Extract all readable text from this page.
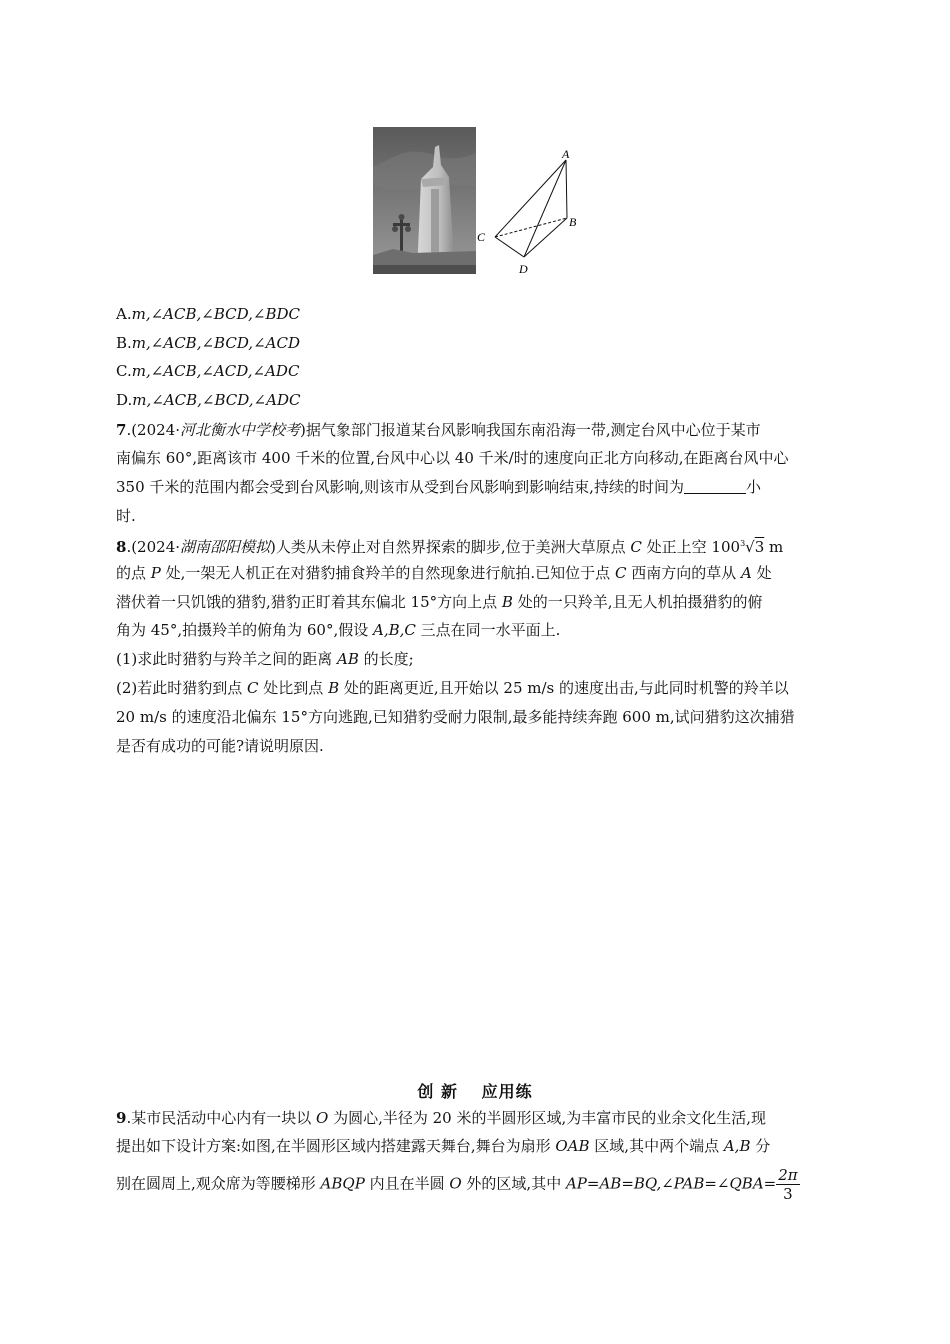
A
B
C
D
A.m,∠ACB,∠BCD,∠BDC
B.m,∠ACB,∠BCD,∠ACD
C.m,∠ACB,∠ACD,∠ADC
D.m,∠ACB,∠BCD,∠ADC
7.(2024·河北衡水中学校考)据气象部门报道某台风影响我国东南沿海一带,测定台风中心位于某市
南偏东 60°,距离该市 400 千米的位置,台风中心以 40 千米/时的速度向正北方向移动,在距离台风中心
350 千米的范围内都会受到台风影响,则该市从受到台风影响到影响结束,持续的时间为	小
时.
8.(2024·湖南邵阳模拟)人类从未停止对自然界探索的脚步,位于美洲大草原点 C 处正上空 $100^3√3$ m
的点 P 处,一架无人机正在对猎豹捕食羚羊的自然现象进行航拍.已知位于点 C 西南方向的草从 A 处
潜伏着一只饥饿的猎豹,猎豹正盯着其东偏北 15°方向上点 B 处的一只羚羊,且无人机拍摄猎豹的俯
角为 45°,拍摄羚羊的俯角为 60°,假设 A,B,C 三点在同一水平面上.
(1)求此时猎豹与羚羊之间的距离 AB 的长度;
(2)若此时猎豹到点 C 处比到点 B 处的距离更近,且开始以 25 m/s 的速度出击,与此同时机警的羚羊以
20 m/s 的速度沿北偏东 15°方向逃跑,已知猎豹受耐力限制,最多能持续奔跑 600 m,试问猎豹这次捕猎
是否有成功的可能?请说明原因.
创 新　 应用练
9.某市民活动中心内有一块以 O 为圆心,半径为 20 米的半圆形区域,为丰富市民的业余文化生活,现
提出如下设计方案:如图,在半圆形区域内搭建露天舞台,舞台为扇形 OAB 区域,其中两个端点 A,B 分
别在圆周上,观众席为等腰梯形 ABQP 内且在半圆 O 外的区域,其中 AP=AB=BQ,∠PAB=∠QBA= $\frac{2\pi}{3}$
